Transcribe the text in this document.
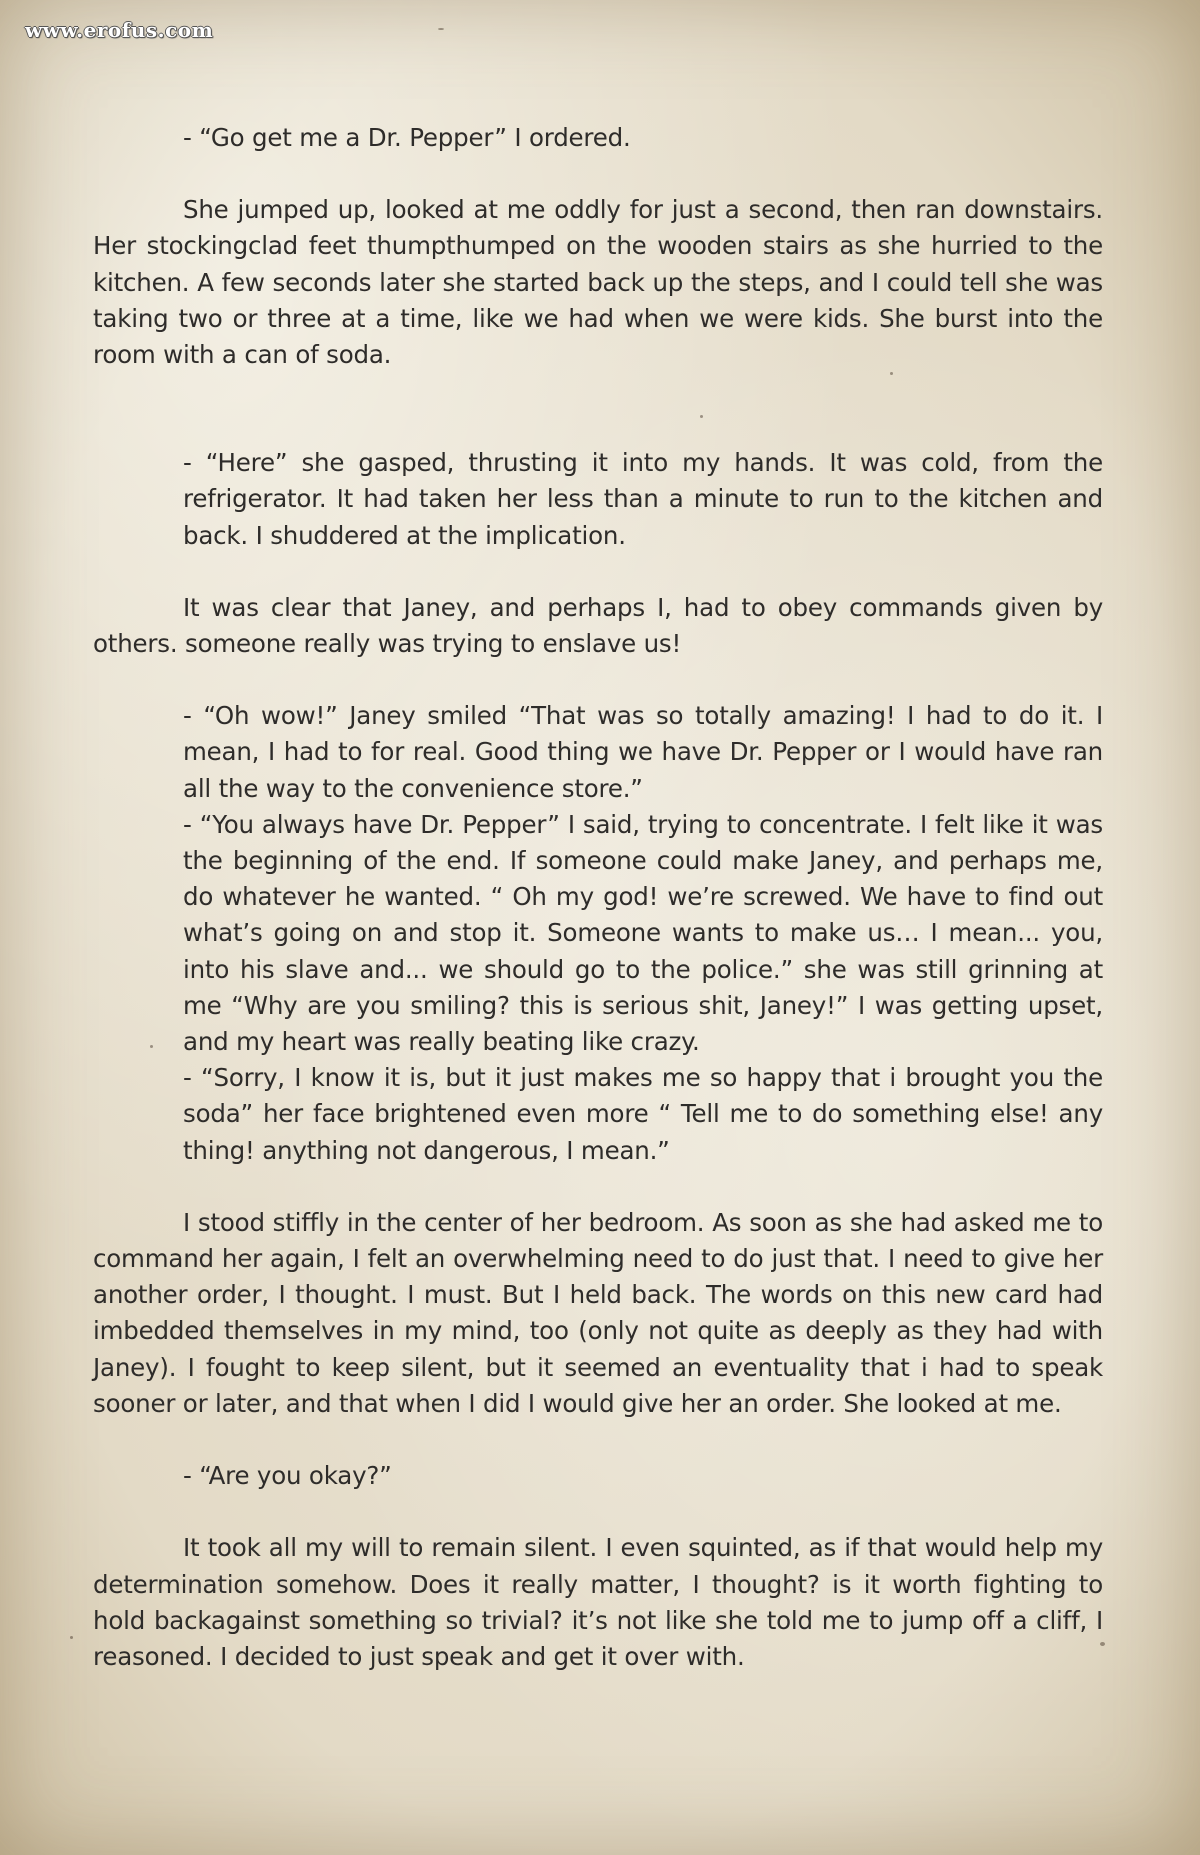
www.erofus.com

- “Go get me a Dr. Pepper” I ordered.

She jumped up, looked at me oddly for just a second, then ran downstairs. Her stockingclad feet thumpthumped on the wooden stairs as she hurried to the kitchen. A few seconds later she started back up the steps, and I could tell she was taking two or three at a time, like we had when we were kids. She burst into the room with a can of soda.

- “Here” she gasped, thrusting it into my hands. It was cold, from the refrigerator. It had taken her less than a minute to run to the kitchen and back. I shuddered at the implication.

It was clear that Janey, and perhaps I, had to obey commands given by others. someone really was trying to enslave us!

- “Oh wow!” Janey smiled “That was so totally amazing! I had to do it. I mean, I had to for real. Good thing we have Dr. Pepper or I would have ran all the way to the convenience store.”

- “You always have Dr. Pepper” I said, trying to concentrate. I felt like it was the beginning of the end. If someone could make Janey, and perhaps me, do whatever he wanted. “ Oh my god! we’re screwed. We have to find out what’s going on and stop it. Someone wants to make us… I mean... you, into his slave and... we should go to the police.” she was still grinning at me “Why are you smiling? this is serious shit, Janey!” I was getting upset, and my heart was really beating like crazy.

- “Sorry, I know it is, but it just makes me so happy that i brought you the soda” her face brightened even more “ Tell me to do something else! any thing! anything not dangerous, I mean.”

I stood stiffly in the center of her bedroom. As soon as she had asked me to command her again, I felt an overwhelming need to do just that. I need to give her another order, I thought. I must. But I held back. The words on this new card had imbedded themselves in my mind, too (only not quite as deeply as they had with Janey). I fought to keep silent, but it seemed an eventuality that i had to speak sooner or later, and that when I did I would give her an order. She looked at me.

- “Are you okay?”

It took all my will to remain silent. I even squinted, as if that would help my determination somehow. Does it really matter, I thought? is it worth fighting to hold backagainst something so trivial? it’s not like she told me to jump off a cliff, I reasoned. I decided to just speak and get it over with.
